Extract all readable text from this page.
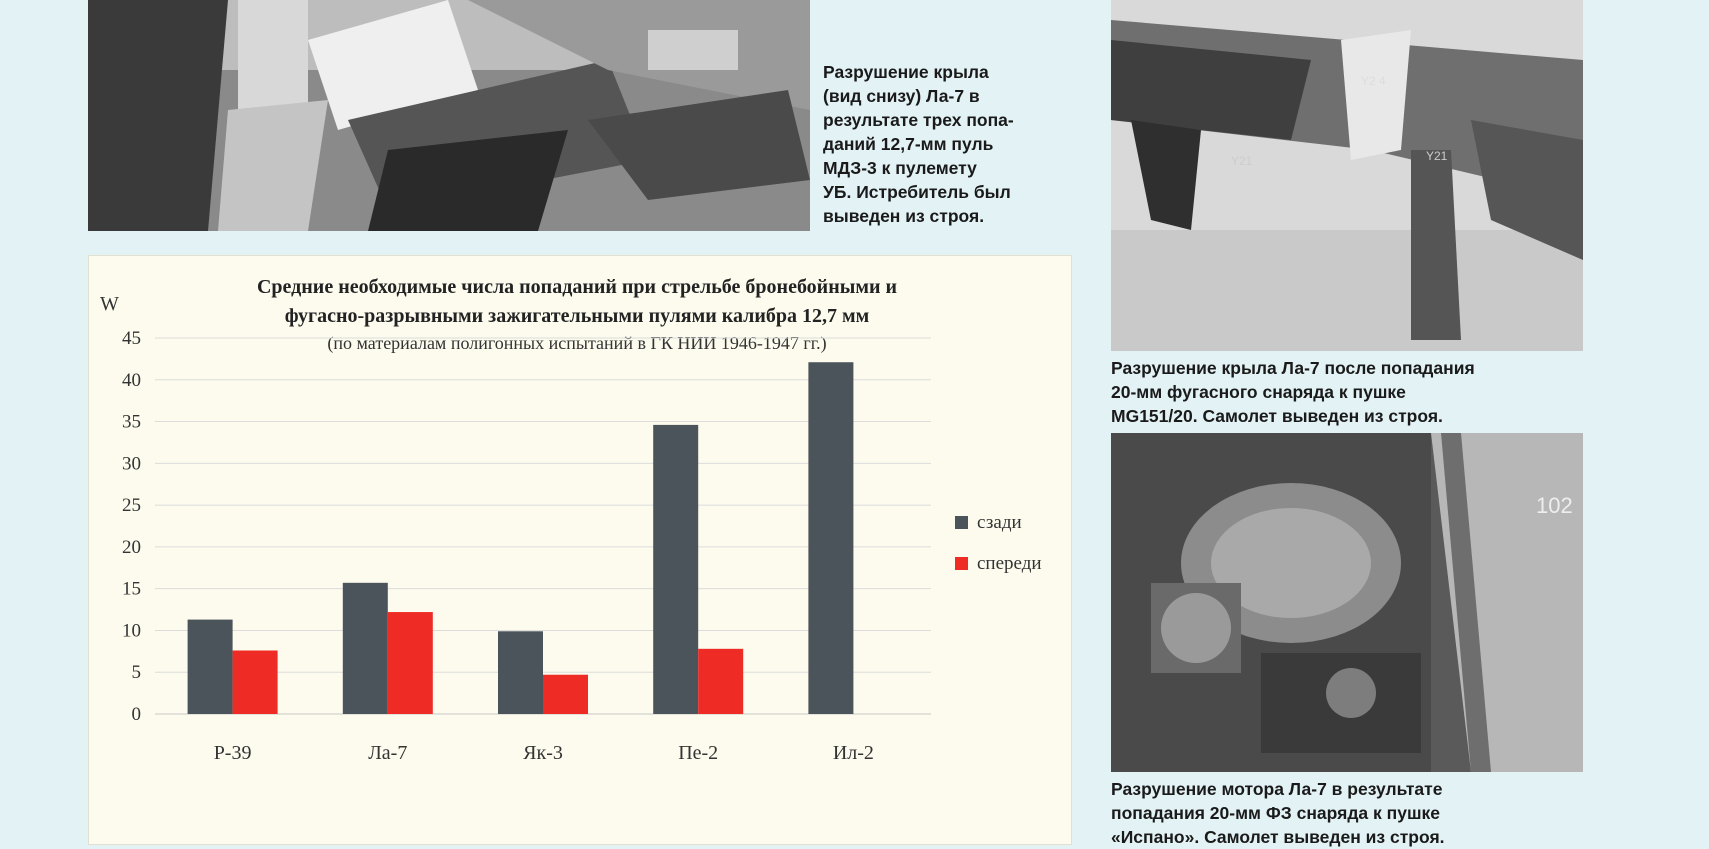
Разрушение крыла
(вид снизу) Ла-7 в
результате трех попа-
даний 12,7-мм пуль
МДЗ-3 к пулемету
УБ. Истребитель был
выведен из строя.
Y2 4
Y21	Y21
Разрушение крыла Ла-7 после попадания
20-мм фугасного снаряда к пушке
MG151/20. Самолет выведен из строя.
102
Разрушение мотора Ла-7 в результате
попадания 20-мм ФЗ снаряда к пушке
«Испано». Самолет выведен из строя.
Средние необходимые числа попаданий при стрельбе бронебойными и
фугасно-разрывными зажигательными пулями калибра 12,7 мм
(по материалам полигонных испытаний в ГК НИИ 1946-1947 гг.)
W
0
5
10
15
20
25
30
35
40
45
P-39	Ла-7	Як-3	Пе-2	Ил-2
сзади
спереди
